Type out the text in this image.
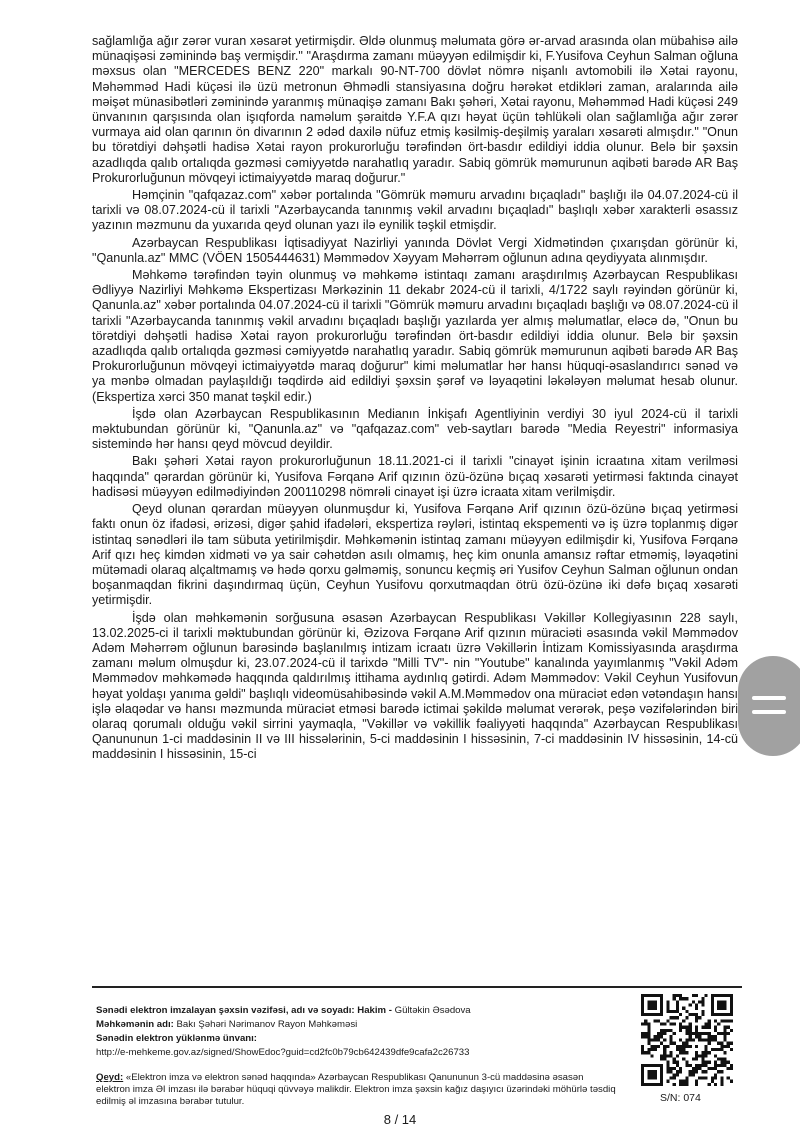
sağlamlığa ağır zərər vuran xəsarət yetirmişdir. Əldə olunmuş məlumata görə ər-arvad arasında olan mübahisə ailə münaqişəsi zəminində baş vermişdir." "Araşdırma zamanı müəyyən edilmişdir ki, F.Yusifova Ceyhun Salman oğluna məxsus olan "MERCEDES BENZ 220" markalı 90-NT-700 dövlət nömrə nişanlı avtomobili ilə Xətai rayonu, Məhəmməd Hadi küçəsi ilə üzü metronun Əhmədli stansiyasına doğru hərəkət etdikləri zaman, aralarında ailə məişət münasibətləri zəminində yaranmış münaqişə zamanı Bakı şəhəri, Xətai rayonu, Məhəmməd Hadi küçəsi 249 ünvanının qarşısında olan işıqforda naməlum şəraitdə Y.F.A qızı həyat üçün təhlükəli olan sağlamlığa ağır zərər vurmaya aid olan qarının ön divarının 2 ədəd daxilə nüfuz etmiş kəsilmiş-deşilmiş yaraları xəsarəti almışdır." "Onun bu törətdiyi dəhşətli hadisə Xətai rayon prokurorluğu tərəfindən ört-basdır edildiyi iddia olunur. Belə bir şəxsin azadlıqda qalıb ortalıqda gəzməsi cəmiyyətdə narahatlıq yaradır. Sabiq gömrük məmurunun aqibəti barədə AR Baş Prokurorluğunun mövqeyi ictimaiyyətdə maraq doğurur."

Həmçinin "qafqazaz.com" xəbər portalında "Gömrük məmuru arvadını bıçaqladı" başlığı ilə 04.07.2024-cü il tarixli və 08.07.2024-cü il tarixli "Azərbaycanda tanınmış vəkil arvadını bıçaqladı" başlıqlı xəbər xarakterli əsassız yazının məzmunu da yuxarıda qeyd olunan yazı ilə eynilik təşkil etmişdir.

Azərbaycan Respublikası İqtisadiyyat Nazirliyi yanında Dövlət Vergi Xidmətindən çıxarışdan görünür ki, "Qanunla.az" MMC (VÖEN 1505444631) Məmmədov Xəyyam Məhərrəm oğlunun adına qeydiyyata alınmışdır.

Məhkəmə tərəfindən təyin olunmuş və məhkəmə istintaqı zamanı araşdırılmış Azərbaycan Respublikası Ədliyyə Nazirliyi Məhkəmə Ekspertizası Mərkəzinin 11 dekabr 2024-cü il tarixli, 4/1722 saylı rəyindən görünür ki, Qanunla.az" xəbər portalında 04.07.2024-cü il tarixli "Gömrük məmuru arvadını bıçaqladı başlığı və 08.07.2024-cü il tarixli "Azərbaycanda tanınmış vəkil arvadını bıçaqladı başlığı yazılarda yer almış məlumatlar, eləcə də, "Onun bu törətdiyi dəhşətli hadisə Xətai rayon prokurorluğu tərəfindən ört-basdır edildiyi iddia olunur. Belə bir şəxsin azadlıqda qalıb ortalıqda gəzməsi cəmiyyətdə narahatlıq yaradır. Sabiq gömrük məmurunun aqibəti barədə AR Baş Prokurorluğunun mövqeyi ictimaiyyətdə maraq doğurur" kimi məlumatlar hər hansı hüquqi-əsaslandırıcı sənəd və ya mənbə olmadan paylaşıldığı təqdirdə aid edildiyi şəxsin şərəf və ləyaqətini ləkələyən məlumat hesab olunur. (Ekspertiza xərci 350 manat təşkil edir.)

İşdə olan Azərbaycan Respublikasının Medianın İnkişafı Agentliyinin verdiyi 30 iyul 2024-cü il tarixli məktubundan görünür ki, "Qanunla.az" və "qafqazaz.com" veb-saytları barədə "Media Reyestri" informasiya sistemində hər hansı qeyd mövcud deyildir.

Bakı şəhəri Xətai rayon prokurorluğunun 18.11.2021-ci il tarixli "cinayət işinin icraatına xitam verilməsi haqqında" qərardan görünür ki, Yusifova Fərqanə Arif qızının özü-özünə bıçaq xəsarəti yetirməsi faktında cinayət hadisəsi müəyyən edilmədiyindən 200110298 nömrəli cinayət işi üzrə icraata xitam verilmişdir.

Qeyd olunan qərardan müəyyən olunmuşdur ki, Yusifova Fərqanə Arif qızının özü-özünə bıçaq yetirməsi faktı onun öz ifadəsi, ərizəsi, digər şahid ifadələri, ekspertiza rəyləri, istintaq ekspementi və iş üzrə toplanmış digər istintaq sənədləri ilə tam sübuta yetirilmişdir. Məhkəmənin istintaq zamanı müəyyən edilmişdir ki, Yusifova Fərqanə Arif qızı heç kimdən xidməti və ya sair cəhətdən asılı olmamış, heç kim onunla amansız rəftar etməmiş, ləyaqətini mütəmadi olaraq alçaltmamış və hədə qorxu gəlməmiş, sonuncu keçmiş əri Yusifov Ceyhun Salman oğlunun ondan boşanmaqdan fikrini daşındırmaq üçün, Ceyhun Yusifovu qorxutmaqdan ötrü özü-özünə iki dəfə bıçaq xəsarəti yetirmişdir.

İşdə olan məhkəmənin sorğusuna əsasən Azərbaycan Respublikası Vəkillər Kollegiyasının 228 saylı, 13.02.2025-ci il tarixli məktubundan görünür ki, Əzizova Fərqanə Arif qızının müraciəti əsasında vəkil Məmmədov Adəm Məhərrəm oğlunun barəsində başlanılmış intizam icraatı üzrə Vəkillərin İntizam Komissiyasında araşdırma zamanı məlum olmuşdur ki, 23.07.2024-cü il tarixdə "Milli TV"- nin "Youtube" kanalında yayımlanmış "Vəkil Adəm Məmmədov məhkəmədə haqqında qaldırılmış ittihama aydınlıq gətirdi. Adəm Məmmədov: Vəkil Ceyhun Yusifovun həyat yoldaşı yanıma gəldi" başlıqlı videomüsahibəsində vəkil A.M.Məmmədov ona müraciət edən vətəndaşın hansı işlə əlaqədar və hansı məzmunda müraciət etməsi barədə ictimai şəkildə məlumat verərək, peşə vəzifələrindən biri olaraq qorumalı olduğu vəkil sirrini yaymaqla, "Vəkillər və vəkillik fəaliyyəti haqqında" Azərbaycan Respublikası Qanununun 1-ci maddəsinin II və III hissələrinin, 5-ci maddəsinin I hissəsinin, 7-ci maddəsinin IV hissəsinin, 14-cü maddəsinin I hissəsinin, 15-ci

Sənədi elektron imzalayan şəxsin vəzifəsi, adı və soyadı: Hakim - Gültəkin Əsədova
Məhkəmənin adı: Bakı Şəhəri Nərimanov Rayon Məhkəməsi
Sənədin elektron yüklənmə ünvanı:
http://e-mehkeme.gov.az/signed/ShowEdoc?guid=cd2fc0b79cb642439dfe9cafa2c26733
Qeyd: «Elektron imza və elektron sənəd haqqında» Azərbaycan Respublikası Qanununun 3-cü maddəsinə əsasən elektron imza ƏI imzası ilə bərabər hüquqi qüvvəyə malikdir. Elektron imza şəxsin kağız daşıyıcı üzərindəki möhürlə təsdiq edilmiş əl imzasına bərabər tutulur.	S/N: 074
8 / 14
